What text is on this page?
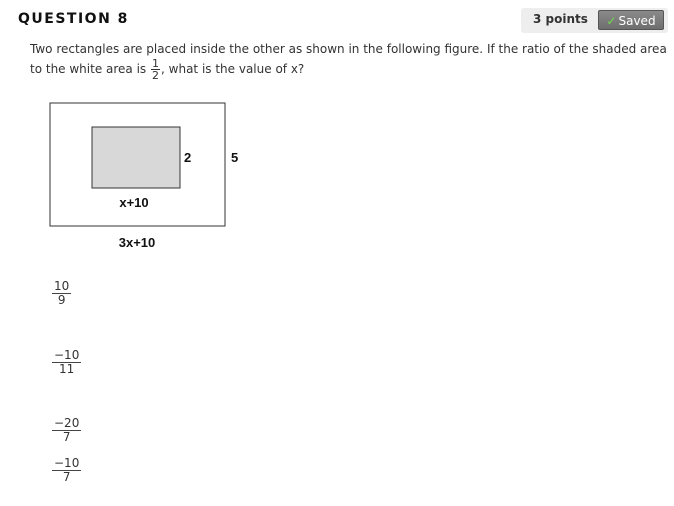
QUESTION 8	3 points	✓ Saved
Two rectangles are placed inside the other as shown in the following figure. If the ratio of the shaded area to the white area is $\frac{1}{2}$ , what is the value of x?
2	5
x+10
3x+10
$\frac{10}{9}$
$\frac{-10}{11}$
$\frac{-20}{7}$
$\frac{-10}{7}$
